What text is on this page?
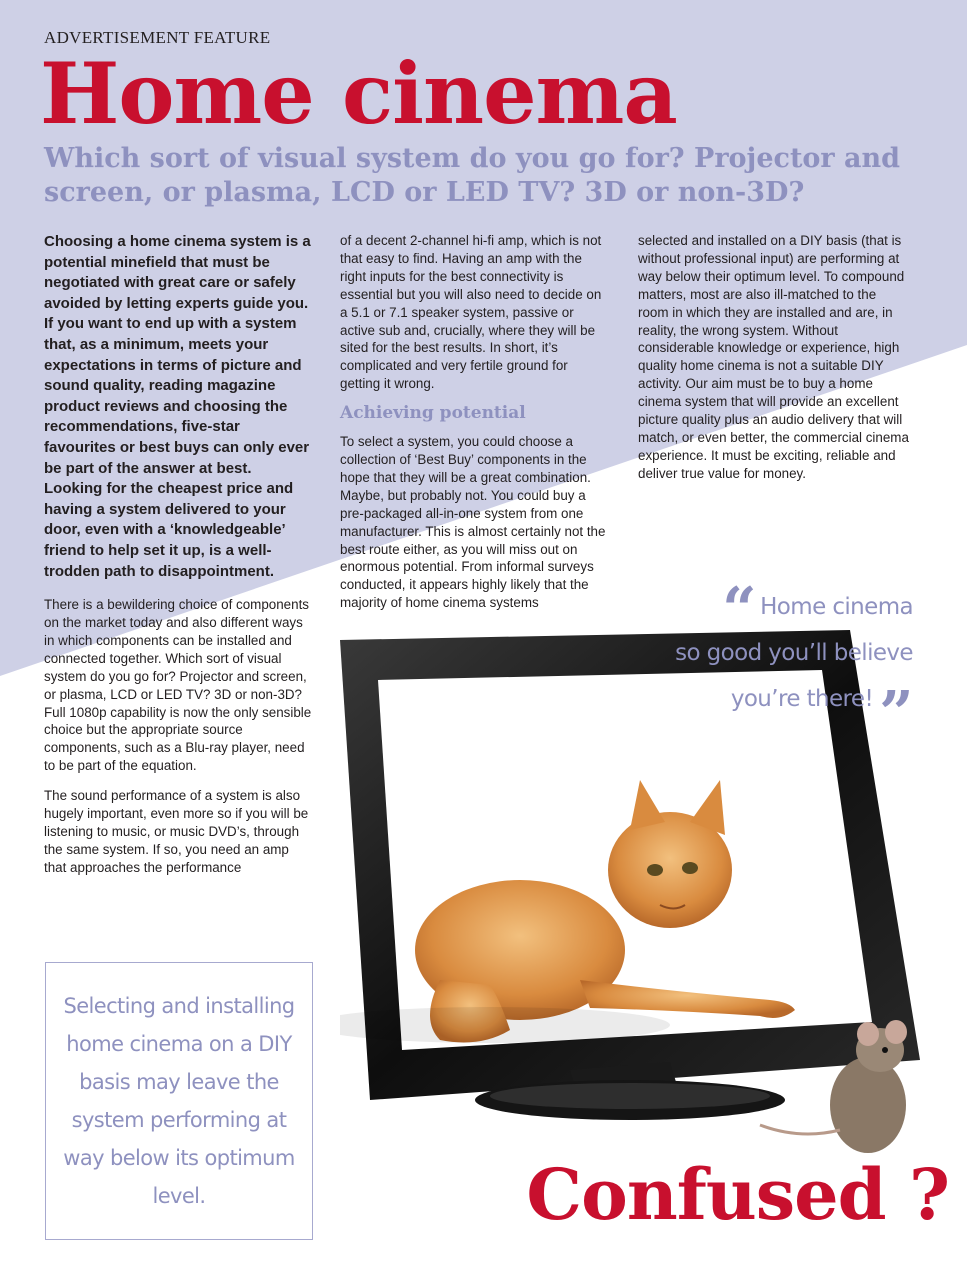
ADVERTISEMENT FEATURE
Home cinema
Which sort of visual system do you go for? Projector and screen, or plasma, LCD or LED TV? 3D or non-3D?

Choosing a home cinema system is a potential minefield that must be negotiated with great care or safely avoided by letting experts guide you. If you want to end up with a system that, as a minimum, meets your expectations in terms of picture and sound quality, reading magazine product reviews and choosing the recommendations, five-star favourites or best buys can only ever be part of the answer at best. Looking for the cheapest price and having a system delivered to your door, even with a ‘knowledgeable’ friend to help set it up, is a well-trodden path to disappointment.

There is a bewildering choice of components on the market today and also different ways in which components can be installed and connected together. Which sort of visual system do you go for? Projector and screen, or plasma, LCD or LED TV? 3D or non-3D? Full 1080p capability is now the only sensible choice but the appropriate source components, such as a Blu-ray player, need to be part of the equation.

The sound performance of a system is also hugely important, even more so if you will be listening to music, or music DVD’s, through the same system. If so, you need an amp that approaches the performance

of a decent 2-channel hi-fi amp, which is not that easy to find. Having an amp with the right inputs for the best connectivity is essential but you will also need to decide on a 5.1 or 7.1 speaker system, passive or active sub and, crucially, where they will be sited for the best results. In short, it’s complicated and very fertile ground for getting it wrong.

Achieving potential

To select a system, you could choose a collection of ‘Best Buy’ components in the hope that they will be a great combination. Maybe, but probably not. You could buy a pre-packaged all-in-one system from one manufacturer. This is almost certainly not the best route either, as you will miss out on enormous potential. From informal surveys conducted, it appears highly likely that the majority of home cinema systems

selected and installed on a DIY basis (that is without professional input) are performing at way below their optimum level. To compound matters, most are also ill-matched to the room in which they are installed and are, in reality, the wrong system. Without considerable knowledge or experience, high quality home cinema is not a suitable DIY activity. Our aim must be to buy a home cinema system that will provide an excellent picture quality plus an audio delivery that will match, or even better, the commercial cinema experience. It must be exciting, reliable and deliver true value for money.

“ Home cinema
so good you’ll believe
you’re there! ”

Selecting and installing home cinema on a DIY basis may leave the system performing at way below its optimum level.	Confused ?
